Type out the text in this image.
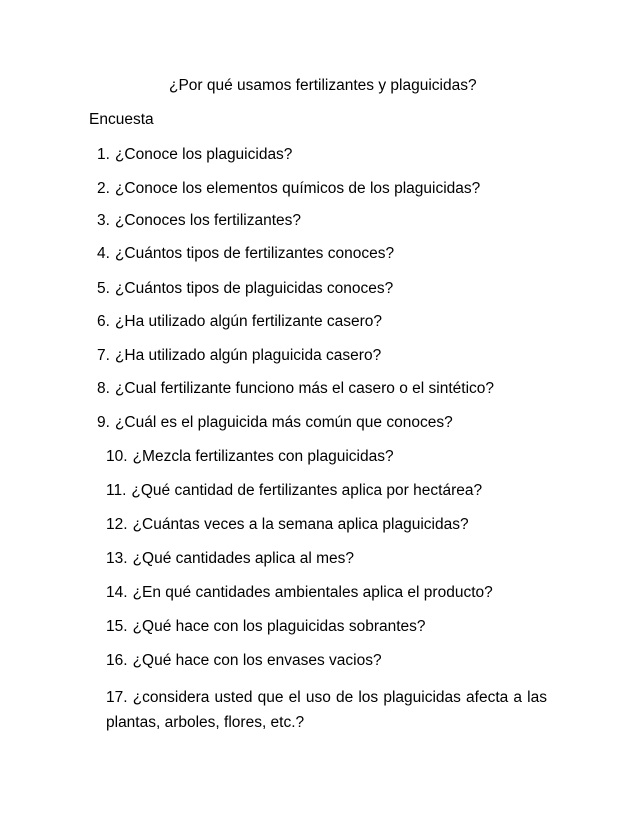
¿Por qué usamos fertilizantes y plaguicidas?
Encuesta
1. ¿Conoce los plaguicidas?
2. ¿Conoce los elementos químicos de los plaguicidas?
3. ¿Conoces los fertilizantes?
4. ¿Cuántos tipos de fertilizantes conoces?
5. ¿Cuántos tipos de plaguicidas conoces?
6. ¿Ha utilizado algún fertilizante casero?
7. ¿Ha utilizado algún plaguicida casero?
8. ¿Cual fertilizante funciono más el casero o el sintético?
9. ¿Cuál es el plaguicida más común que conoces?
10. ¿Mezcla fertilizantes con plaguicidas?
11. ¿Qué cantidad de fertilizantes aplica por hectárea?
12. ¿Cuántas veces a la semana aplica plaguicidas?
13. ¿Qué cantidades aplica al mes?
14. ¿En qué cantidades ambientales aplica el producto?
15. ¿Qué hace con los plaguicidas sobrantes?
16. ¿Qué hace con los envases vacios?
17. ¿considera usted que el uso de los plaguicidas afecta a las plantas, arboles, flores, etc.?
